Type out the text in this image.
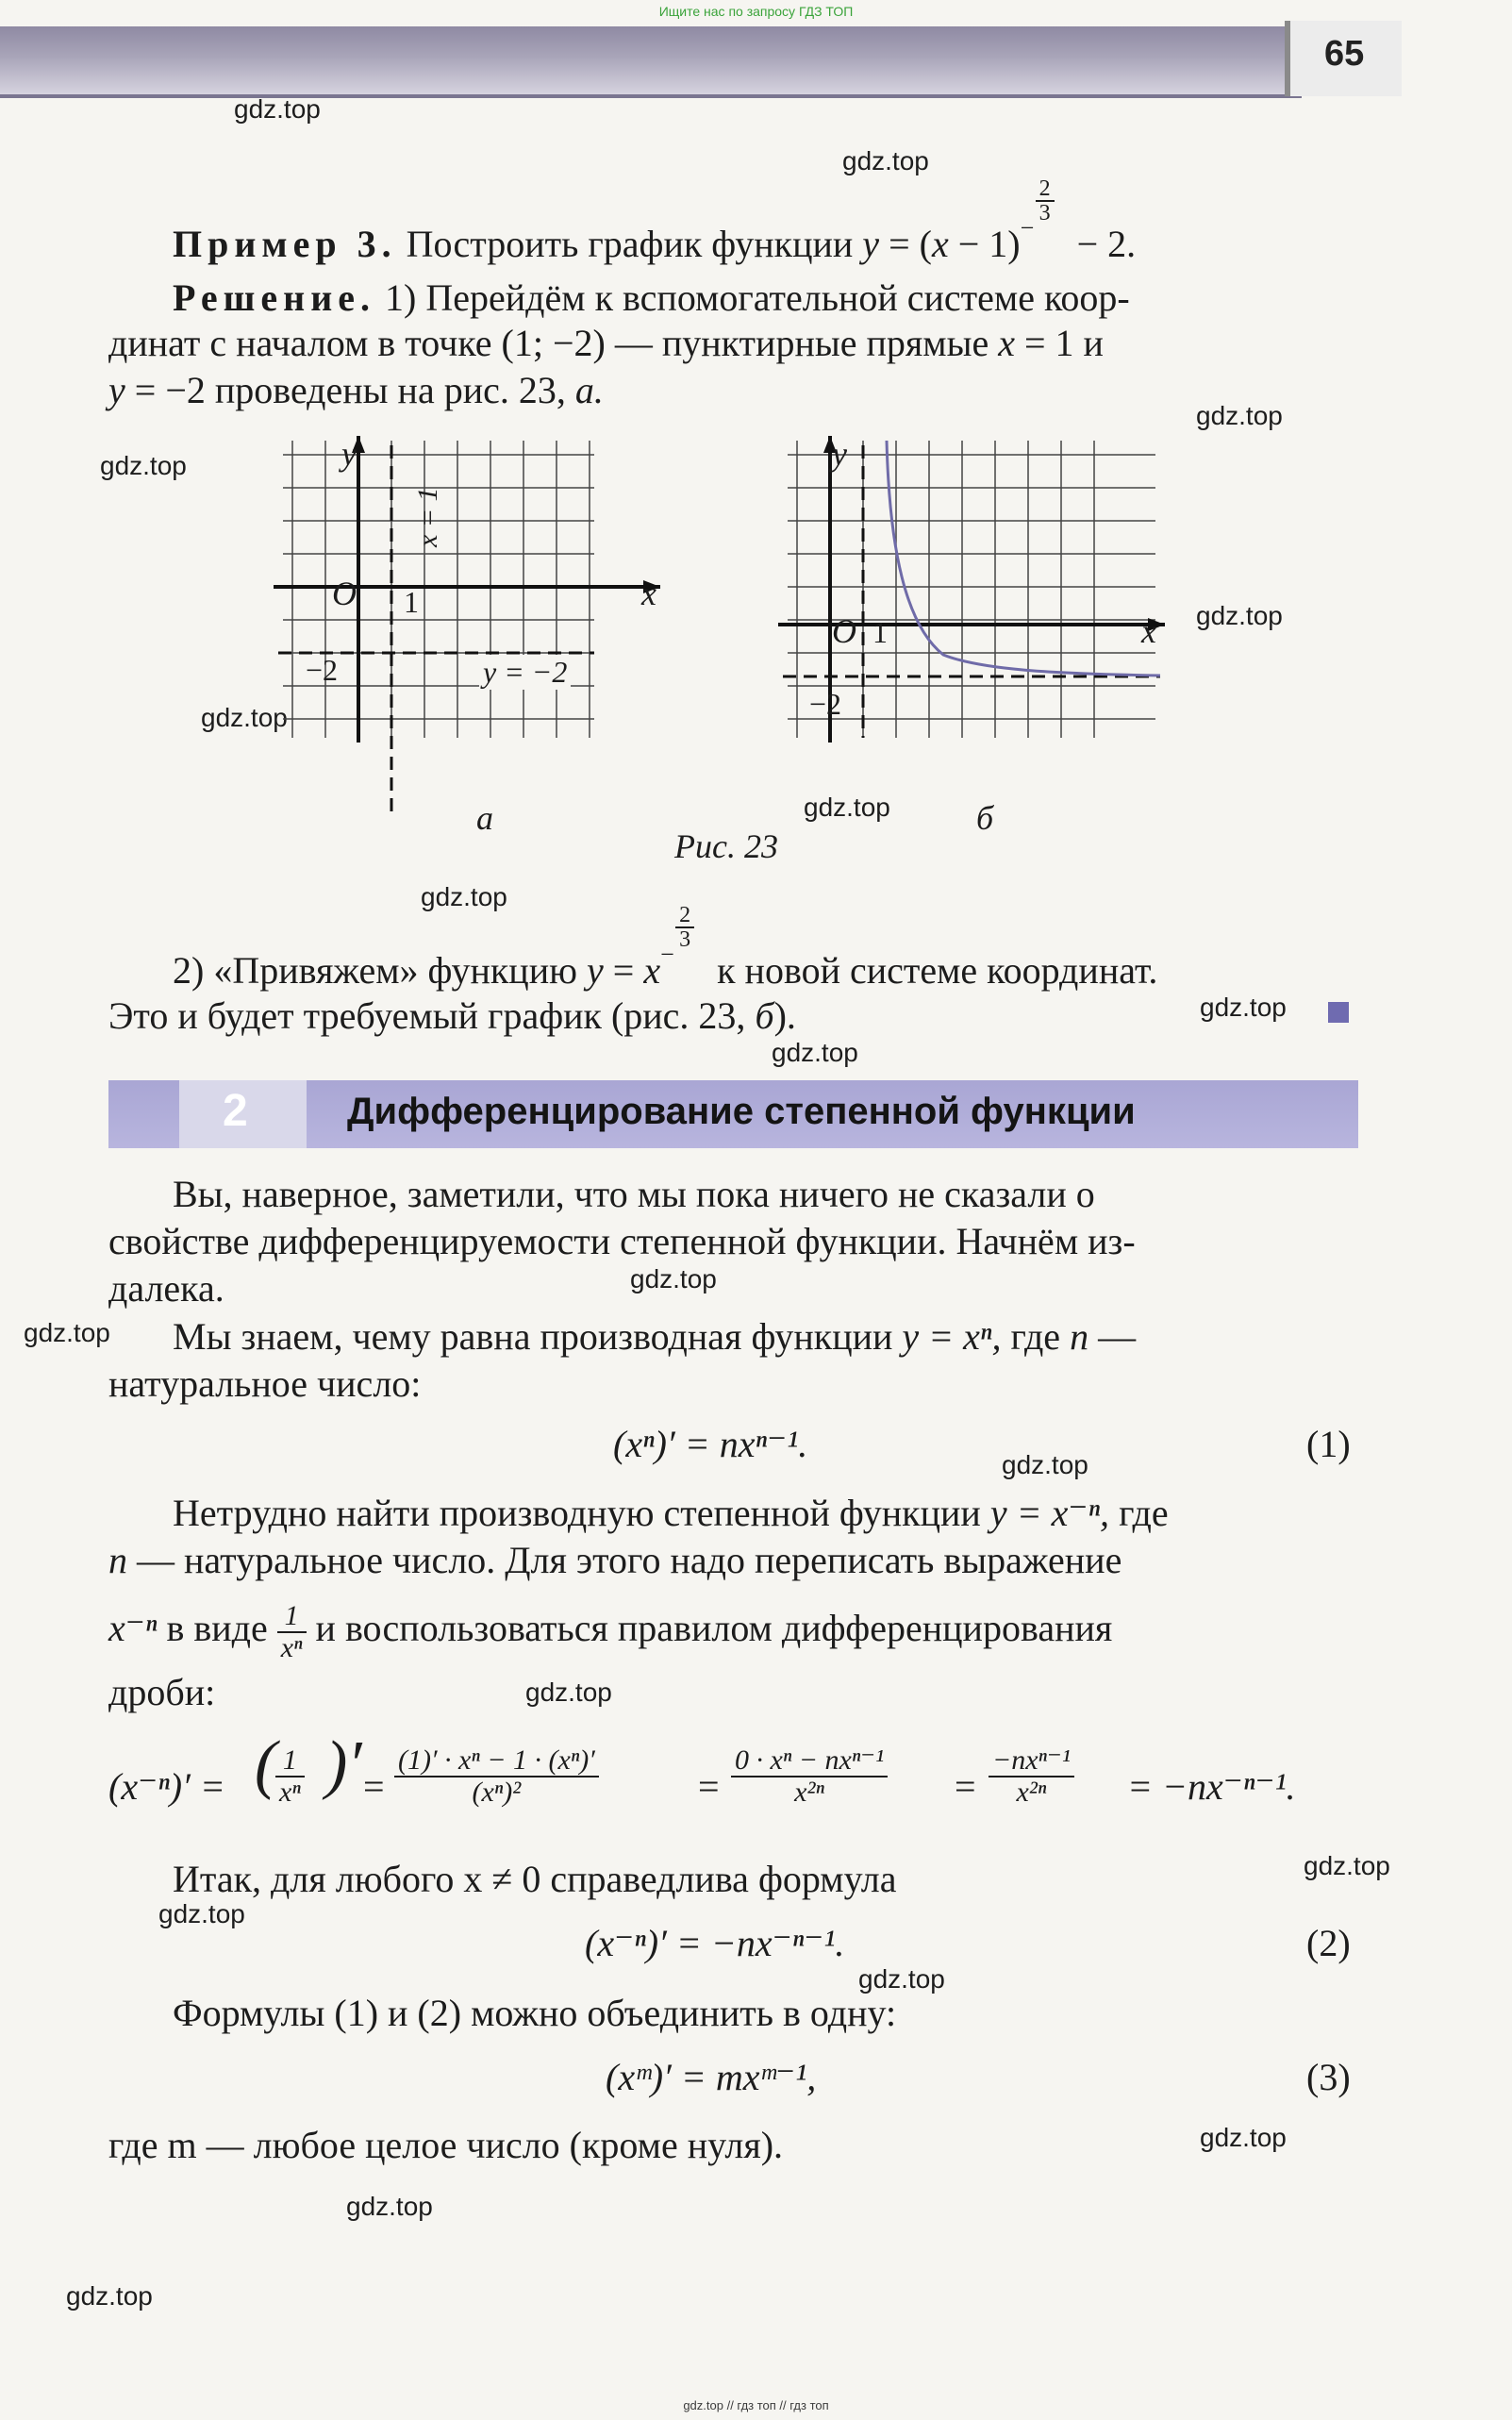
Ищите нас по запросу ГДЗ ТОП
65
gdz.top
gdz.top
gdz.top
gdz.top
gdz.top
gdz.top
gdz.top
gdz.top
gdz.top
gdz.top
gdz.top
gdz.top
gdz.top
gdz.top
gdz.top
gdz.top
gdz.top
gdz.top
gdz.top
gdz.top
Пример 3. Построить график функции y = (x − 1) −
$\frac{2}{3}$
− 2.
Решение. 1) Перейдём к вспомогательной системе коор-
динат с началом в точке (1; −2) — пунктирные прямые x = 1 и
y = −2 проведены на рис. 23, а.
y
x
O 1
−2
x = 1
y = −2
а
y
x
O 1
−2
б
Рис. 23
2) «Привяжем» функцию y = x −
$\frac{2}{3}$
к новой системе координат.
Это и будет требуемый график (рис. 23, б).
2	Дифференцирование степенной функции
Вы, наверное, заметили, что мы пока ничего не сказали о
свойстве дифференцируемости степенной функции. Начнём из-
далека.
Мы знаем, чему равна производная функции y = xⁿ, где n —
натуральное число:
(xⁿ)′ = nxⁿ⁻¹.	(1)
Нетрудно найти производную степенной функции y = x⁻ⁿ, где
n — натуральное число. Для этого надо переписать выражение
x⁻ⁿ в виде $\frac{1}{\text{xⁿ}}$ и воспользоваться правилом дифференцирования
дроби:
(x⁻ⁿ)′ = (
$\frac{1}{\text{xⁿ}}$ )′ = $\frac{\text{(1)′ · xⁿ − 1 · (xⁿ)′}}{\text{(xⁿ)²}}$	=
0 · xⁿ − nxⁿ⁻¹
x²ⁿ	=
−nxⁿ⁻¹
x²ⁿ	= −nx⁻ⁿ⁻¹.
Итак, для любого x ≠ 0 справедлива формула
(x⁻ⁿ)′ = −nx⁻ⁿ⁻¹.	(2)
Формулы (1) и (2) можно объединить в одну:
(xᵐ)′ = mxᵐ⁻¹,	(3)
где m — любое целое число (кроме нуля).
gdz.top // гдз топ // гдз топ
